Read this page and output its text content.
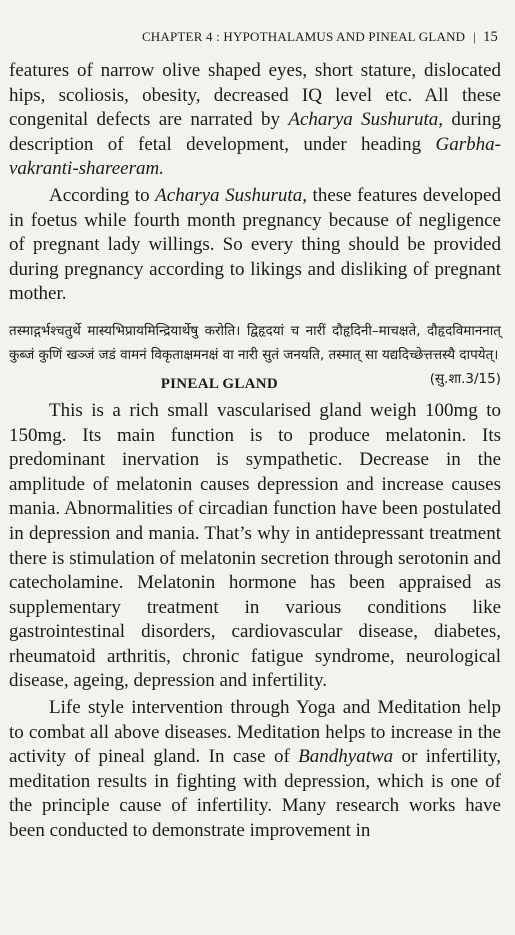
CHAPTER 4 : HYPOTHALAMUS AND PINEAL GLAND | 15

features of narrow olive shaped eyes, short stature, dislocated hips, scoliosis, obesity, decreased IQ level etc. All these congenital defects are narrated by Acharya Sushuruta, during description of fetal development, under heading Garbha-vakranti-shareeram.

According to Acharya Sushuruta, these features developed in foetus while fourth month pregnancy because of negligence of pregnant lady willings. So every thing should be provided during pregnancy according to likings and disliking of pregnant mother.

तस्माद्गर्भश्चतुर्थे मास्यभिप्रायमिन्द्रियार्थेषु करोति। द्विहृदयां च नारीं दौहृदिनी–माचक्षते, दौहृदविमाननात् कुब्जं कुणिं खञ्जं जडं वामनं विकृताक्षमनक्षं वा नारी सुतं जनयति, तस्मात् सा यद्यदिच्छेत्तत्तस्यै दापयेत्।
(सु.शा.3/15)
PINEAL GLAND

This is a rich small vascularised gland weigh 100mg to 150mg. Its main function is to produce melatonin. Its predominant inervation is sympathetic. Decrease in the amplitude of melatonin causes depression and increase causes mania. Abnormalities of circadian function have been postulated in depression and mania. That’s why in antidepressant treatment there is stimulation of melatonin secretion through serotonin and catecholamine. Melatonin hormone has been appraised as supplementary treatment in various conditions like gastrointestinal disorders, cardiovascular disease, diabetes, rheumatoid arthritis, chronic fatigue syndrome, neurological disease, ageing, depression and infertility.

Life style intervention through Yoga and Meditation help to combat all above diseases. Meditation helps to increase in the activity of pineal gland. In case of Bandhyatwa or infertility, meditation results in fighting with depression, which is one of the principle cause of infertility. Many research works have been conducted to demonstrate improvement in
